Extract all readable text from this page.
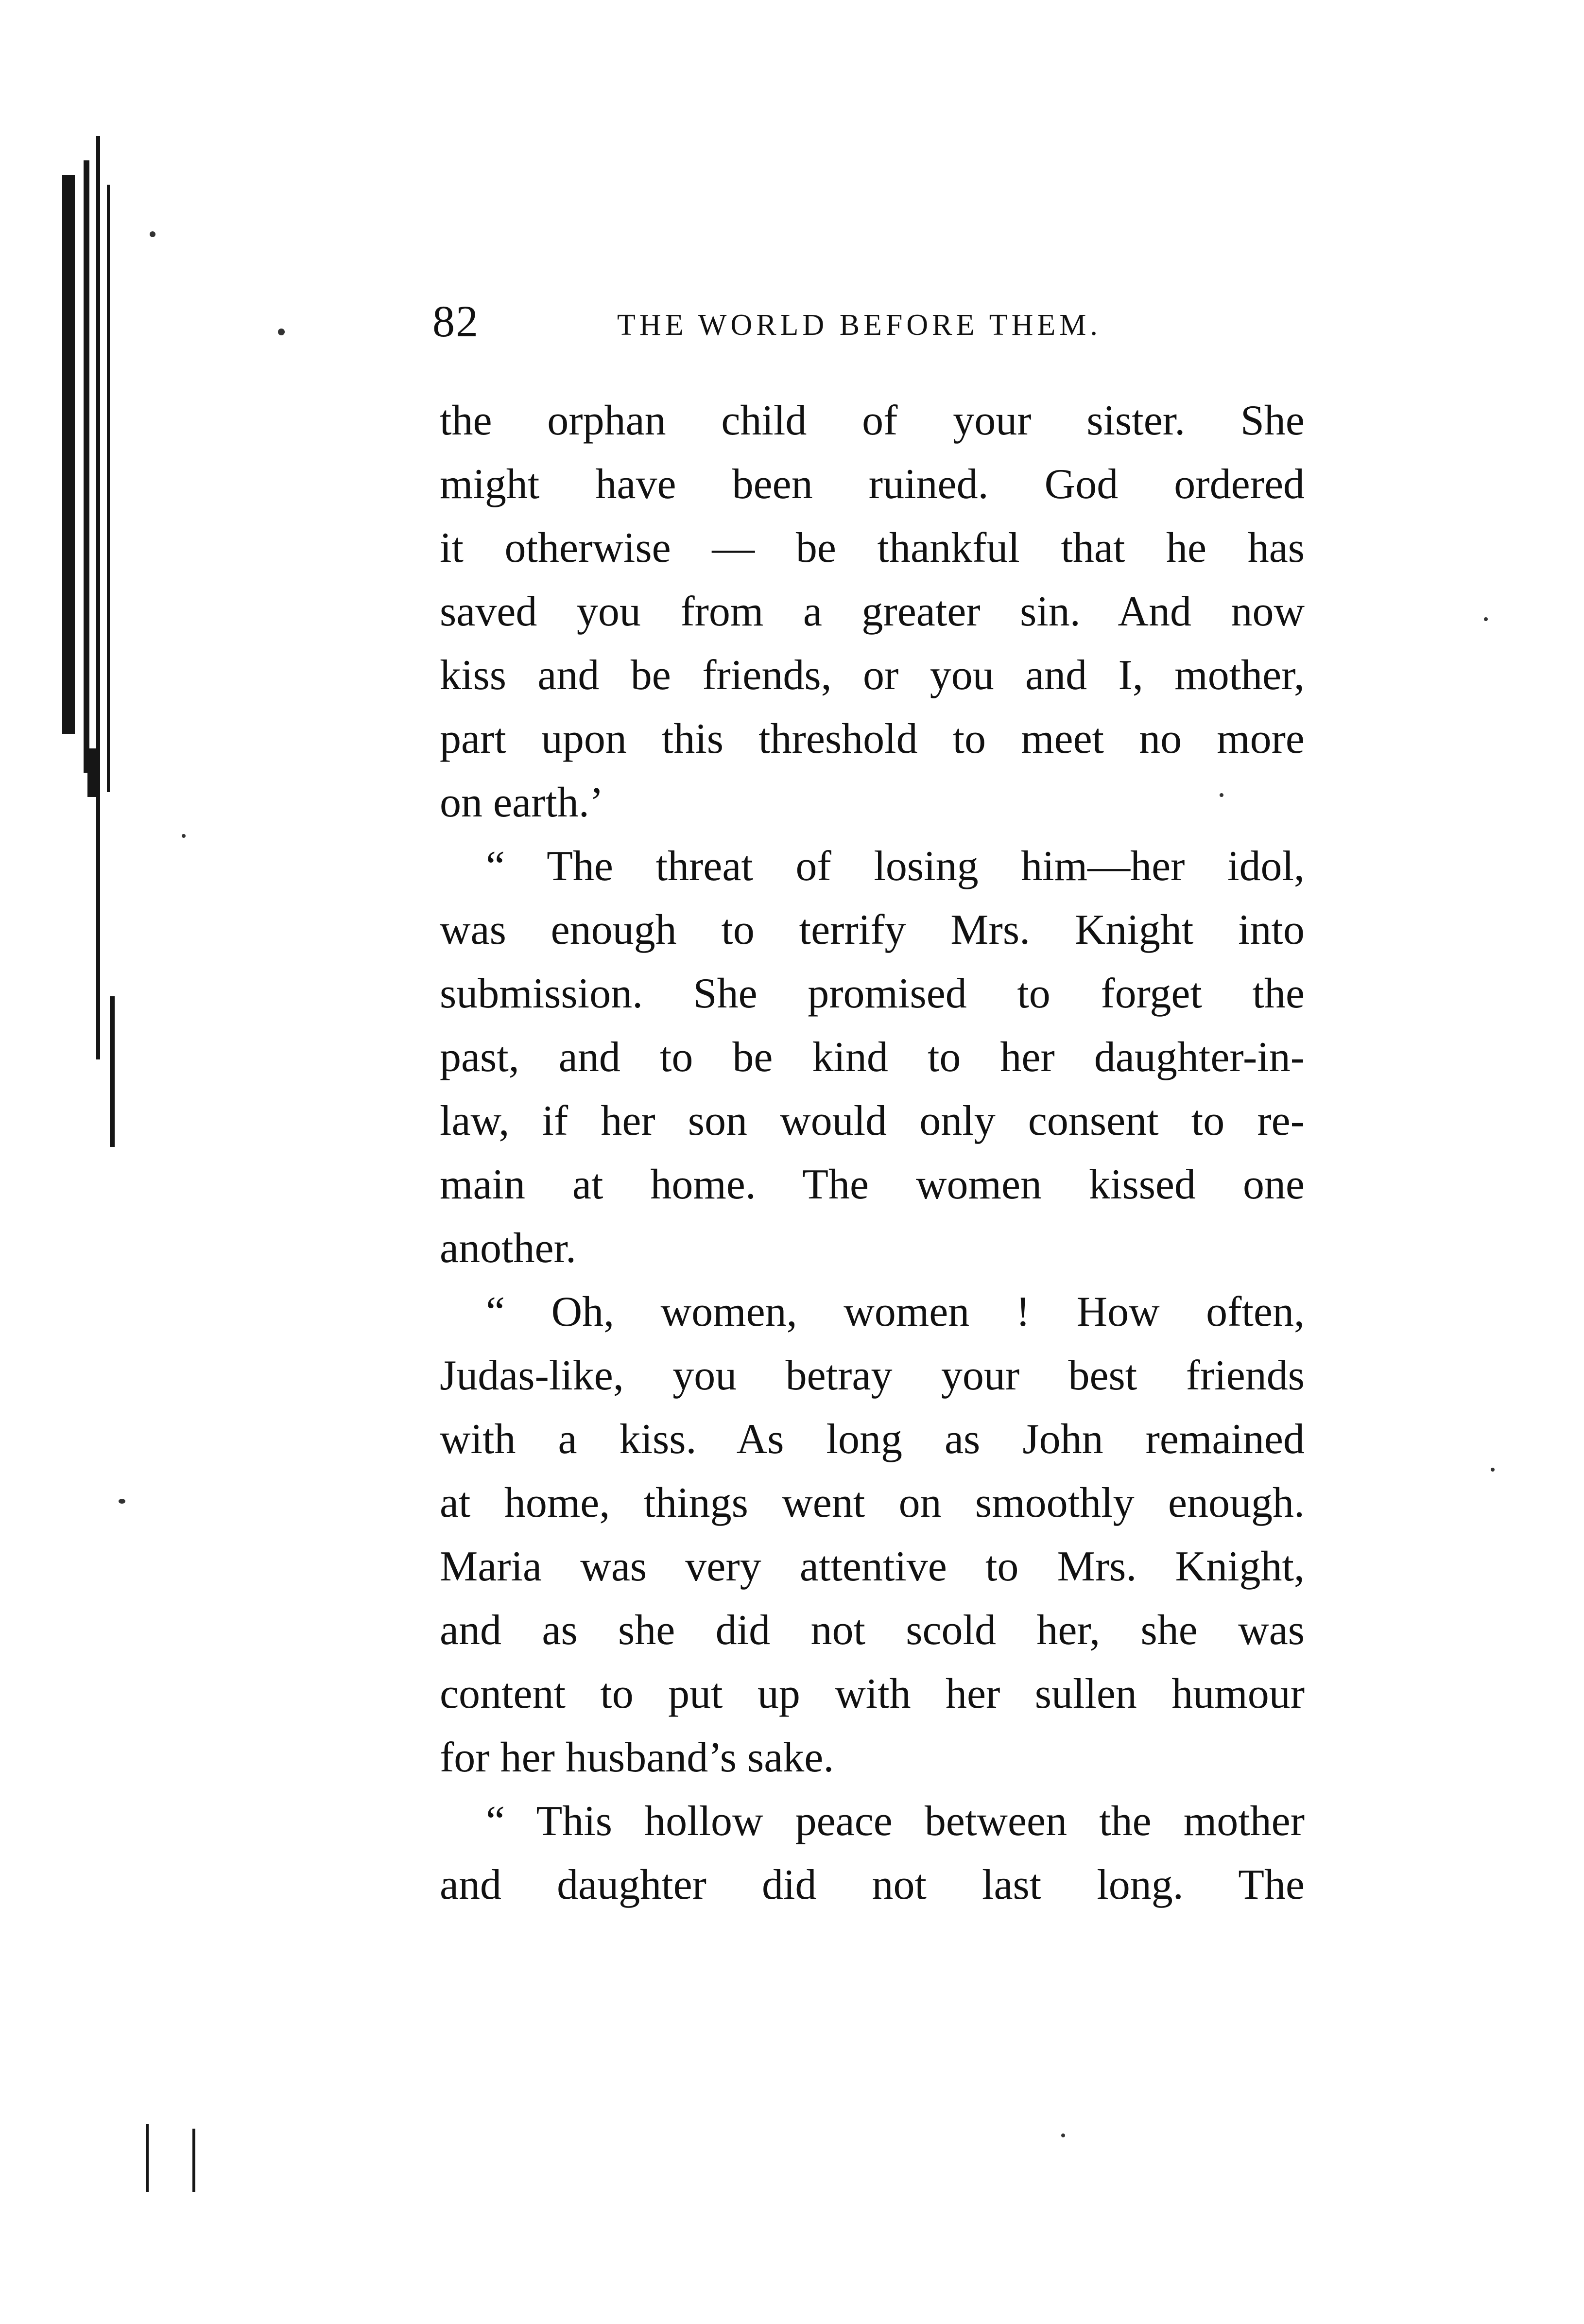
82	THE WORLD BEFORE THEM.
the orphan child of your sister. She
might have been ruined. God ordered
it otherwise — be thankful that he has
saved you from a greater sin. And now
kiss and be friends, or you and I, mother,
part upon this threshold to meet no more
on earth.’
“ The threat of losing him—her idol,
was enough to terrify Mrs. Knight into
submission. She promised to forget the
past, and to be kind to her daughter-in-
law, if her son would only consent to re-
main at home. The women kissed one
another.
“ Oh, women, women ! How often,
Judas-like, you betray your best friends
with a kiss. As long as John remained
at home, things went on smoothly enough.
Maria was very attentive to Mrs. Knight,
and as she did not scold her, she was
content to put up with her sullen humour
for her husband’s sake.
“ This hollow peace between the mother
and daughter did not last long. The
